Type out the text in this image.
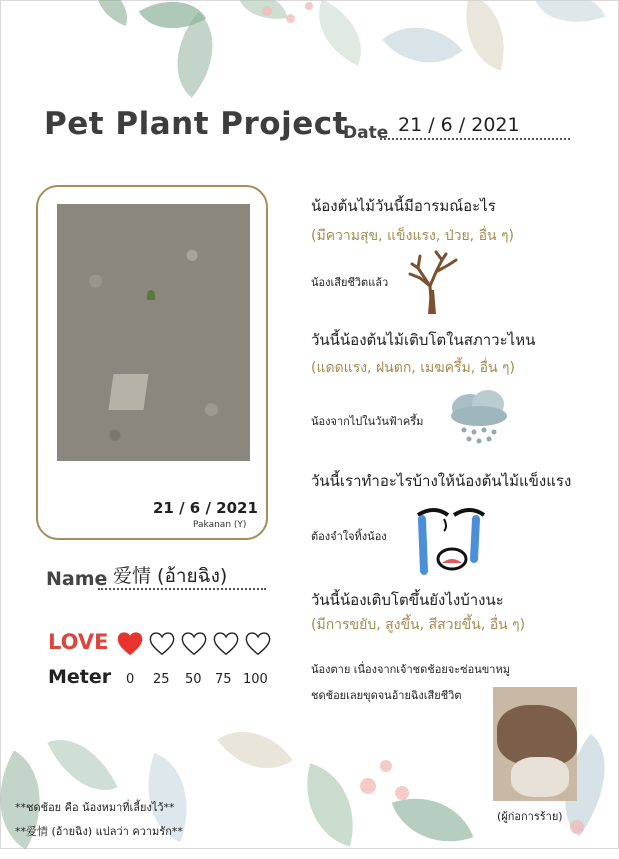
Pet Plant Project
Date 21 / 6 / 2021
21 / 6 / 2021
Pakanan (Y)
Name 爱情 (อ้ายฉิง)
LOVE
Meter 0 25 50 75 100
น้องต้นไม้วันนี้มีอารมณ์อะไร
(มีความสุข, แข็งแรง, ป่วย, อื่น ๆ)
น้องเสียชีวิตแล้ว
วันนี้น้องต้นไม้เติบโตในสภาวะไหน
(แดดแรง, ฝนตก, เมฆครึ้ม, อื่น ๆ)
น้องจากไปในวันฟ้าครึ้ม
วันนี้เราทำอะไรบ้างให้น้องต้นไม้แข็งแรง
ต้องจำใจทิ้งน้อง
วันนี้น้องเติบโตขึ้นยังไงบ้างนะ
(มีการขยับ, สูงขึ้น, สีสวยขึ้น, อื่น ๆ)
น้องตาย เนื่องจากเจ้าชดช้อยจะซ่อนขาหมู
ชดช้อยเลยขุดจนอ้ายฉิงเสียชีวิต
(ผู้ก่อการร้าย)
**ชดช้อย คือ น้องหมาที่เลี้ยงไว้**
**爱情 (อ้ายฉิง) แปลว่า ความรัก**
